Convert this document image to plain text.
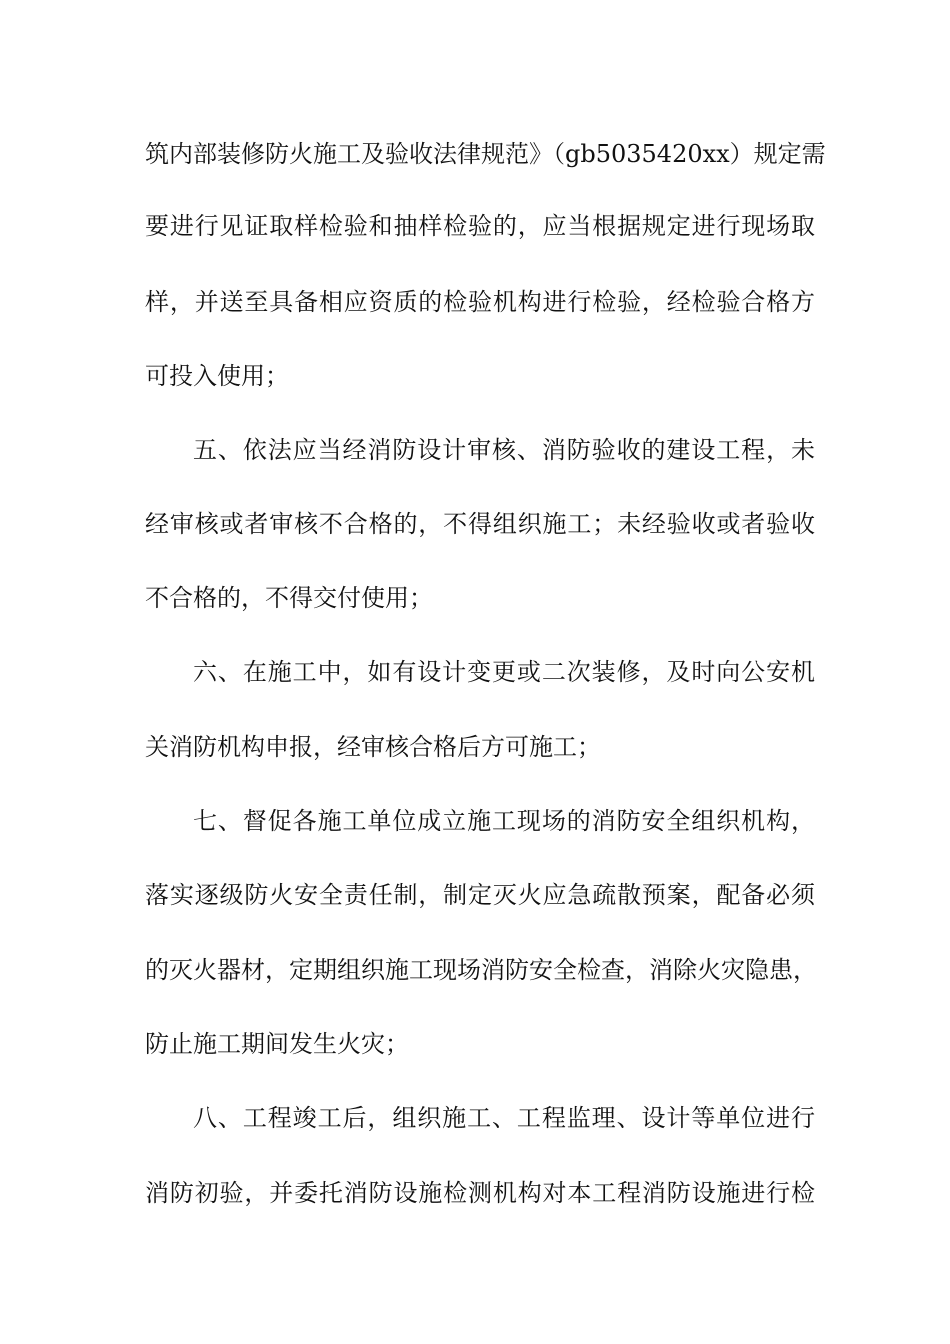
筑内部装修防火施工及验收法律规范》（gb5035420xx）规定需
要进行见证取样检验和抽样检验的，应当根据规定进行现场取
样，并送至具备相应资质的检验机构进行检验，经检验合格方
可投入使用；
五、依法应当经消防设计审核、消防验收的建设工程，未
经审核或者审核不合格的，不得组织施工；未经验收或者验收
不合格的，不得交付使用；
六、在施工中，如有设计变更或二次装修，及时向公安机
关消防机构申报，经审核合格后方可施工；
七、督促各施工单位成立施工现场的消防安全组织机构，
落实逐级防火安全责任制，制定灭火应急疏散预案，配备必须
的灭火器材，定期组织施工现场消防安全检查，消除火灾隐患，
防止施工期间发生火灾；
八、工程竣工后，组织施工、工程监理、设计等单位进行
消防初验，并委托消防设施检测机构对本工程消防设施进行检
